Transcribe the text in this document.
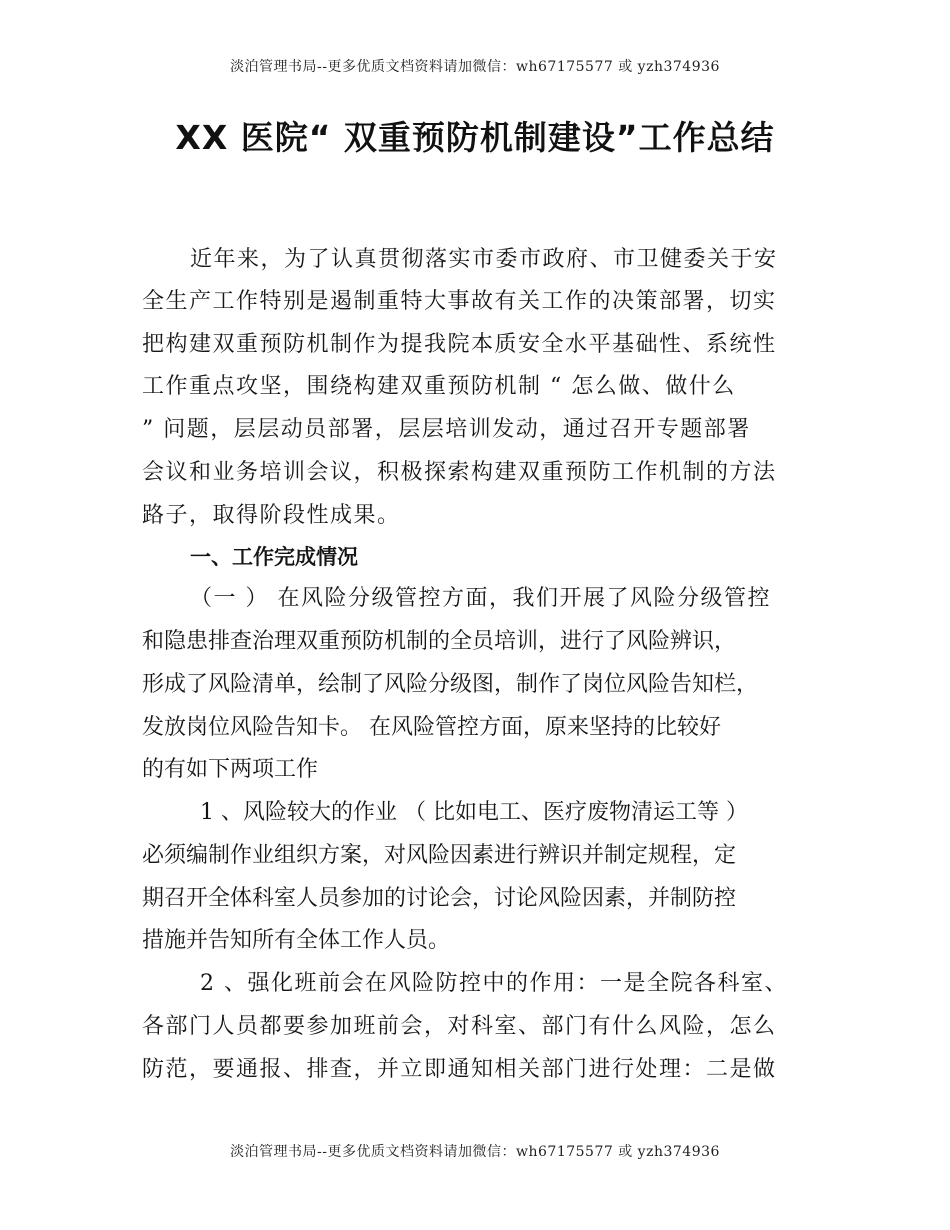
淡泊管理书局--更多优质文档资料请加微信：wh67175577 或 yzh374936
XX 医院“ 双重预防机制建设”工作总结
近年来，为了认真贯彻落实市委市政府、市卫健委关于安
全生产工作特别是遏制重特大事故有关工作的决策部署，切实
把构建双重预防机制作为提我院本质安全水平基础性、系统性
工作重点攻坚，围绕构建双重预防机制 “ 怎么做、做什么
” 问题，层层动员部署，层层培训发动，通过召开专题部署
会议和业务培训会议，积极探索构建双重预防工作机制的方法
路子，取得阶段性成果。
一、工作完成情况
（一 ） 在风险分级管控方面，我们开展了风险分级管控
和隐患排查治理双重预防机制的全员培训，进行了风险辨识，
形成了风险清单，绘制了风险分级图，制作了岗位风险告知栏，
发放岗位风险告知卡。 在风险管控方面，原来坚持的比较好
的有如下两项工作
1 、风险较大的作业 （ 比如电工、医疗废物清运工等 ）
必须编制作业组织方案，对风险因素进行辨识并制定规程，定
期召开全体科室人员参加的讨论会，讨论风险因素，并制防控
措施并告知所有全体工作人员。
2 、强化班前会在风险防控中的作用：一是全院各科室、
各部门人员都要参加班前会，对科室、部门有什么风险，怎么
防范，要通报、排查，并立即通知相关部门进行处理：二是做
淡泊管理书局--更多优质文档资料请加微信：wh67175577 或 yzh374936
